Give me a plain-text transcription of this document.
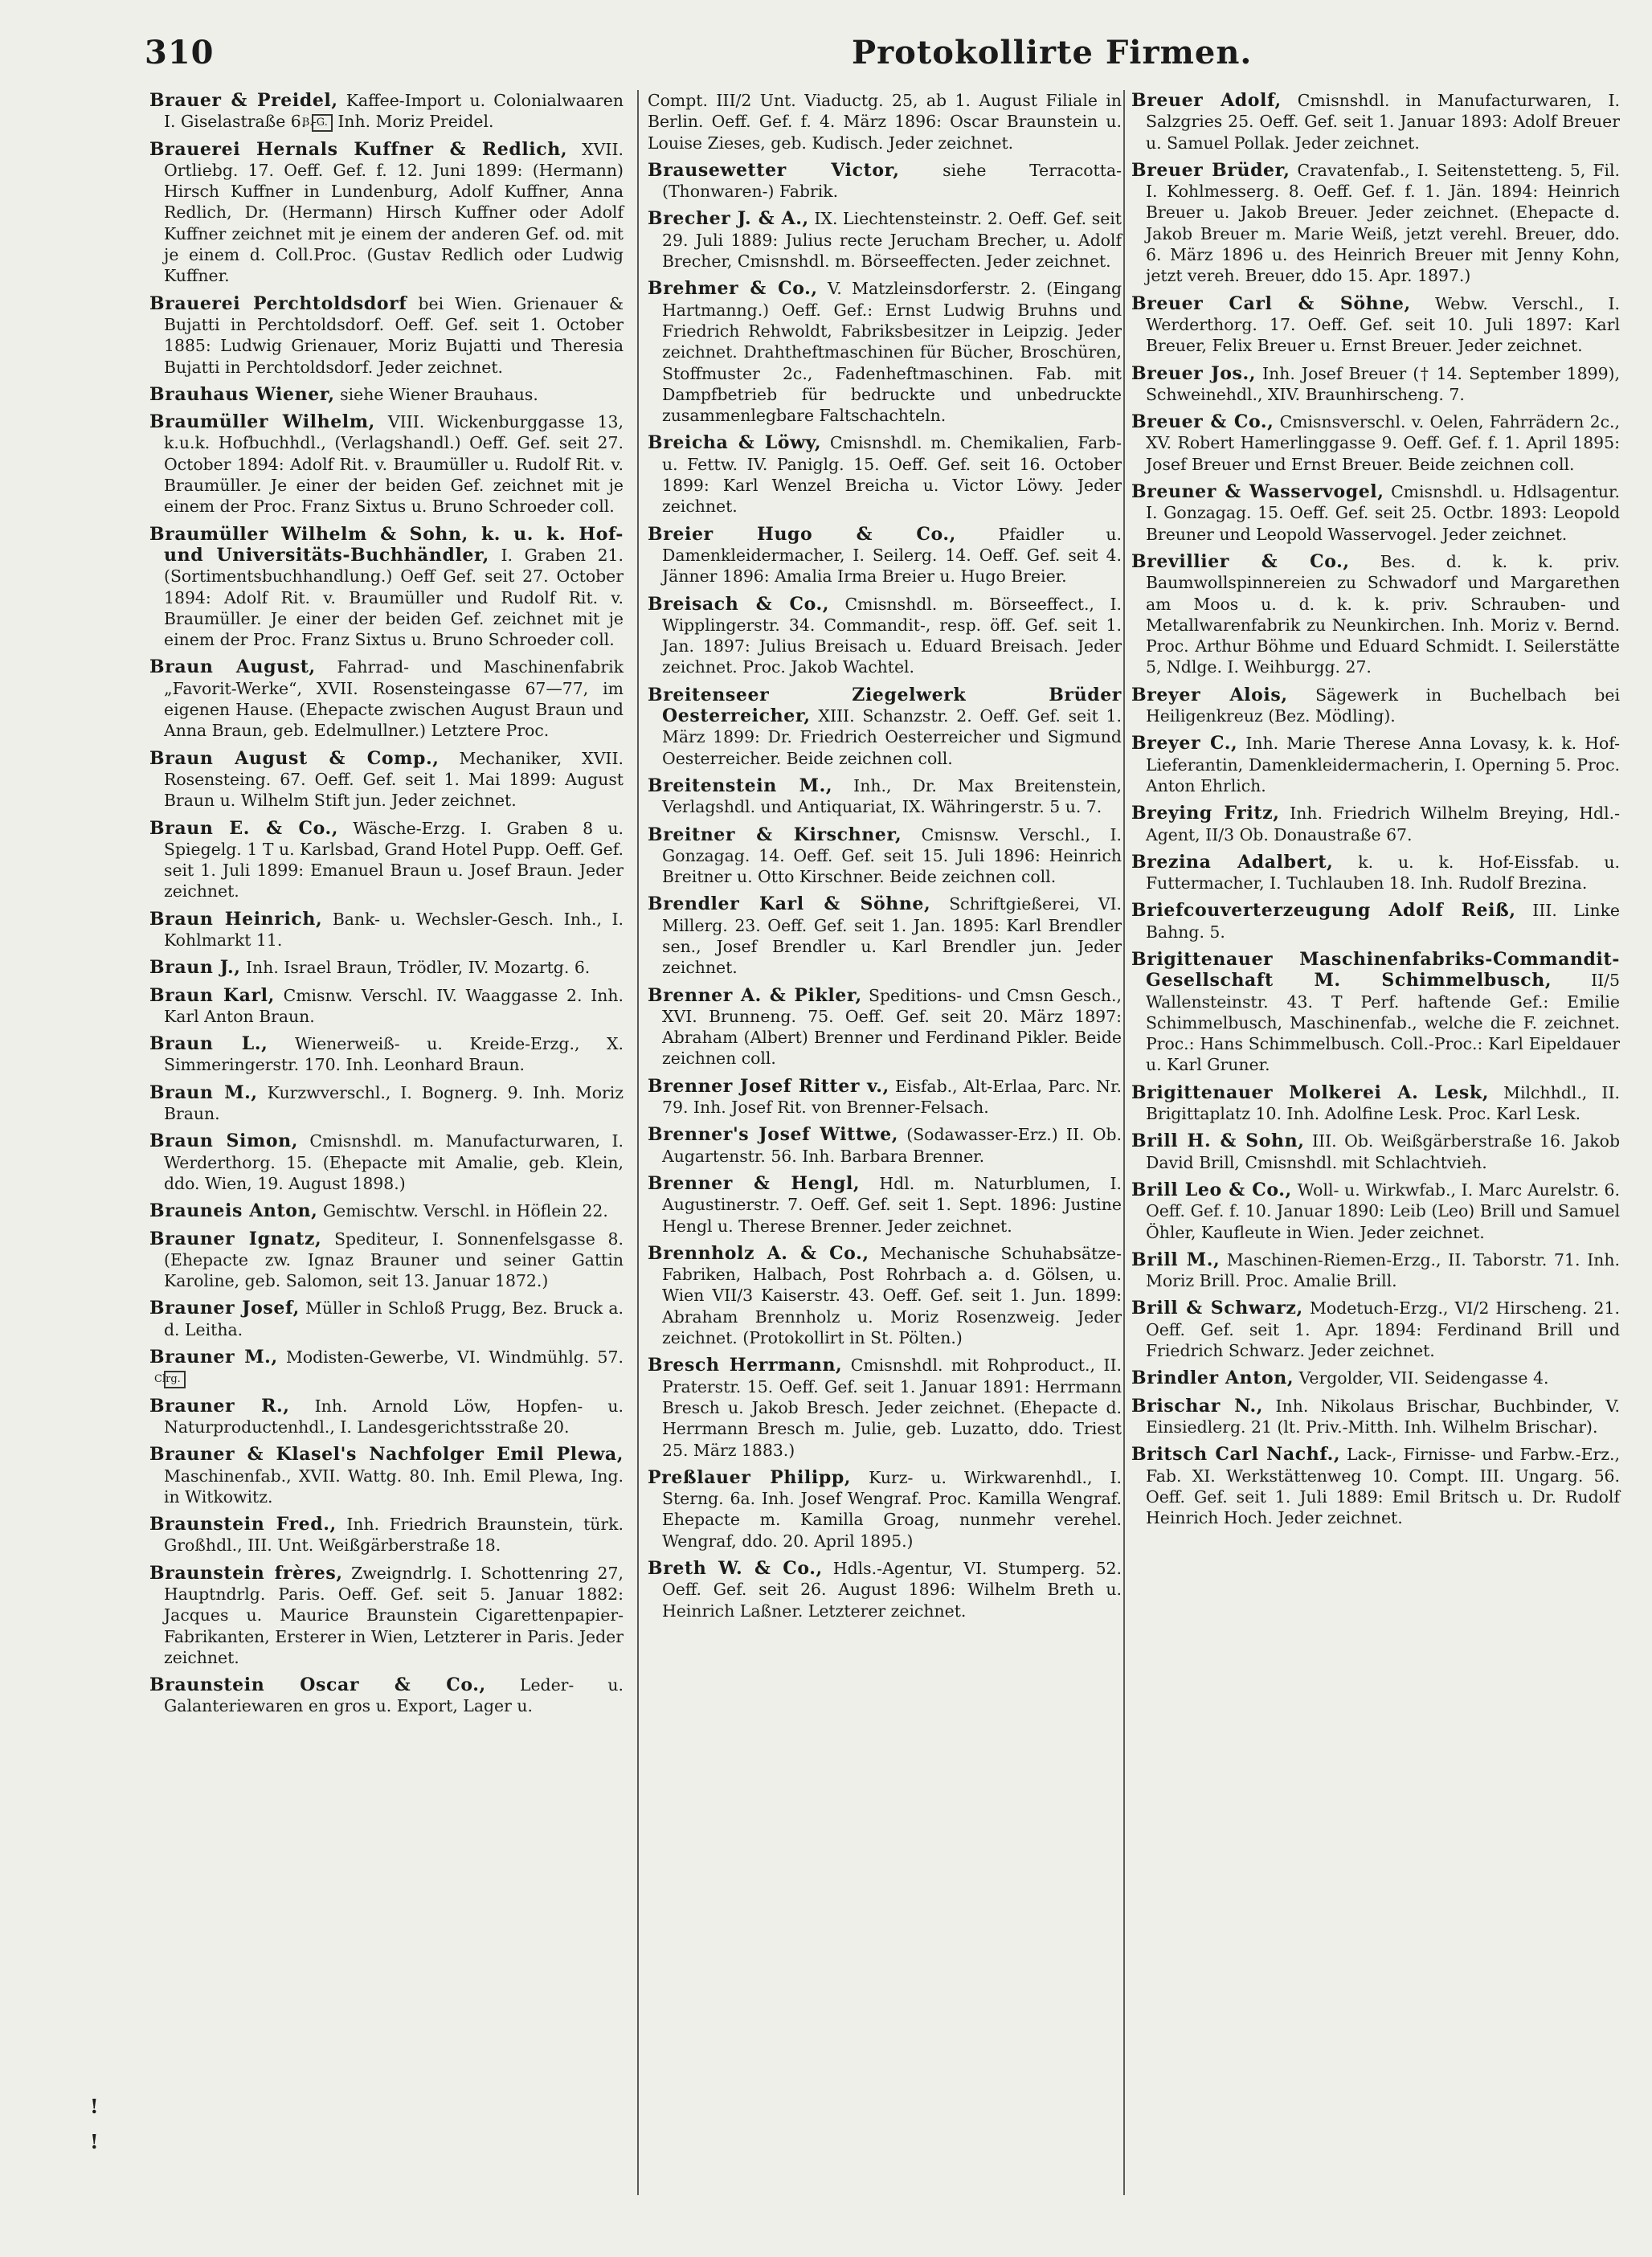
310	Protokollirte Firmen.

Brauer & Preidel, Kaffee-Import u. Colonialwaaren I. Giselastraße 6. B.-G. Inh. Moriz Preidel.

Brauerei Hernals Kuffner & Redlich, XVII. Ortliebg. 17. Oeff. Gef. f. 12. Juni 1899: (Hermann) Hirsch Kuffner in Lundenburg, Adolf Kuffner, Anna Redlich, Dr. (Hermann) Hirsch Kuffner oder Adolf Kuffner zeichnet mit je einem der anderen Gef. od. mit je einem d. Coll.Proc. (Gustav Redlich oder Ludwig Kuffner.

Brauerei Perchtoldsdorf bei Wien. Grienauer & Bujatti in Perchtoldsdorf. Oeff. Gef. seit 1. October 1885: Ludwig Grienauer, Moriz Bujatti und Theresia Bujatti in Perchtoldsdorf. Jeder zeichnet.

Brauhaus Wiener, siehe Wiener Brauhaus.

Braumüller Wilhelm, VIII. Wickenburggasse 13, k.u.k. Hofbuchhdl., (Verlagshandl.) Oeff. Gef. seit 27. October 1894: Adolf Rit. v. Braumüller u. Rudolf Rit. v. Braumüller. Je einer der beiden Gef. zeichnet mit je einem der Proc. Franz Sixtus u. Bruno Schroeder coll.

Braumüller Wilhelm & Sohn, k. u. k. Hof- und Universitäts-Buchhändler, I. Graben 21. (Sortimentsbuchhandlung.) Oeff Gef. seit 27. October 1894: Adolf Rit. v. Braumüller und Rudolf Rit. v. Braumüller. Je einer der beiden Gef. zeichnet mit je einem der Proc. Franz Sixtus u. Bruno Schroeder coll.

Braun August, Fahrrad- und Maschinenfabrik „Favorit-Werke“, XVII. Rosensteingasse 67—77, im eigenen Hause. (Ehepacte zwischen August Braun und Anna Braun, geb. Edelmullner.) Letztere Proc.

Braun August & Comp., Mechaniker, XVII. Rosensteing. 67. Oeff. Gef. seit 1. Mai 1899: August Braun u. Wilhelm Stift jun. Jeder zeichnet.

Braun E. & Co., Wäsche-Erzg. I. Graben 8 u. Spiegelg. 1 T u. Karlsbad, Grand Hotel Pupp. Oeff. Gef. seit 1. Juli 1899: Emanuel Braun u. Josef Braun. Jeder zeichnet.

Braun Heinrich, Bank- u. Wechsler-Gesch. Inh., I. Kohlmarkt 11.

Braun J., Inh. Israel Braun, Trödler, IV. Mozartg. 6.

Braun Karl, Cmisnw. Verschl. IV. Waaggasse 2. Inh. Karl Anton Braun.

Braun L., Wienerweiß- u. Kreide-Erzg., X. Simmeringerstr. 170. Inh. Leonhard Braun.

Braun M., Kurzwverschl., I. Bognerg. 9. Inh. Moriz Braun.

Braun Simon, Cmisnshdl. m. Manufacturwaren, I. Werderthorg. 15. (Ehepacte mit Amalie, geb. Klein, ddo. Wien, 19. August 1898.)

Brauneis Anton, Gemischtw. Verschl. in Höflein 22.

Brauner Ignatz, Spediteur, I. Sonnenfelsgasse 8. (Ehepacte zw. Ignaz Brauner und seiner Gattin Karoline, geb. Salomon, seit 13. Januar 1872.)

Brauner Josef, Müller in Schloß Prugg, Bez. Bruck a. d. Leitha.

Brauner M., Modisten-Gewerbe, VI. Windmühlg. 57. Clrg.

Brauner R., Inh. Arnold Löw, Hopfen- u. Naturproductenhdl., I. Landesgerichtsstraße 20.

Brauner & Klasel's Nachfolger Emil Plewa, Maschinenfab., XVII. Wattg. 80. Inh. Emil Plewa, Ing. in Witkowitz.

Braunstein Fred., Inh. Friedrich Braunstein, türk. Großhdl., III. Unt. Weißgärberstraße 18.

Braunstein frères, Zweigndrlg. I. Schottenring 27, Hauptndrlg. Paris. Oeff. Gef. seit 5. Januar 1882: Jacques u. Maurice Braunstein Cigarettenpapier-Fabrikanten, Ersterer in Wien, Letzterer in Paris. Jeder zeichnet.

Braunstein Oscar & Co., Leder- u. Galanteriewaren en gros u. Export, Lager u.

Compt. III/2 Unt. Viaductg. 25, ab 1. August Filiale in Berlin. Oeff. Gef. f. 4. März 1896: Oscar Braunstein u. Louise Zieses, geb. Kudisch. Jeder zeichnet.

Brausewetter Victor,	siehe Terracotta- (Thonwaren-) Fabrik.

Brecher J. & A., IX. Liechtensteinstr. 2. Oeff. Gef. seit 29. Juli 1889: Julius recte Jerucham Brecher, u. Adolf Brecher, Cmisnshdl. m. Börseeffecten. Jeder zeichnet.

Brehmer & Co., V. Matzleinsdorferstr. 2. (Eingang Hartmanng.) Oeff. Gef.: Ernst Ludwig Bruhns und Friedrich Rehwoldt, Fabriksbesitzer in Leipzig. Jeder zeichnet. Drahtheftmaschinen für Bücher, Broschüren, Stoffmuster 2c., Fadenheftmaschinen. Fab. mit Dampfbetrieb für bedruckte und unbedruckte zusammenlegbare Faltschachteln.

Breicha & Löwy, Cmisnshdl. m. Chemikalien, Farb- u. Fettw. IV. Paniglg. 15. Oeff. Gef. seit 16. October 1899: Karl Wenzel Breicha u. Victor Löwy. Jeder zeichnet.

Breier Hugo & Co.,	Pfaidler u. Damenkleidermacher, I. Seilerg. 14. Oeff. Gef. seit 4. Jänner 1896: Amalia Irma Breier u. Hugo Breier.

Breisach & Co., Cmisnshdl. m. Börseeffect., I. Wipplingerstr. 34. Commandit-, resp. öff. Gef. seit 1. Jan. 1897: Julius Breisach u. Eduard Breisach. Jeder zeichnet. Proc. Jakob Wachtel.

Breitenseer Ziegelwerk Brüder Oesterreicher, XIII. Schanzstr. 2. Oeff. Gef. seit 1. März 1899: Dr. Friedrich Oesterreicher und Sigmund Oesterreicher. Beide zeichnen coll.

Breitenstein M., Inh., Dr. Max Breitenstein, Verlagshdl. und Antiquariat, IX. Währingerstr. 5 u. 7.

Breitner & Kirschner, Cmisnsw. Verschl., I. Gonzagag. 14. Oeff. Gef. seit 15. Juli 1896: Heinrich Breitner u. Otto Kirschner. Beide zeichnen coll.

Brendler Karl & Söhne, Schriftgießerei, VI. Millerg. 23. Oeff. Gef. seit 1. Jan. 1895: Karl Brendler sen., Josef Brendler u. Karl Brendler jun. Jeder zeichnet.

Brenner A. & Pikler, Speditions- und Cmsn Gesch., XVI. Brunneng. 75. Oeff. Gef. seit 20. März 1897: Abraham (Albert) Brenner und Ferdinand Pikler. Beide zeichnen coll.

Brenner Josef Ritter v., Eisfab., Alt-Erlaa, Parc. Nr. 79. Inh. Josef Rit. von Brenner-Felsach.

Brenner's Josef Wittwe, (Sodawasser-Erz.) II. Ob. Augartenstr. 56. Inh. Barbara Brenner.

Brenner & Hengl, Hdl. m. Naturblumen, I. Augustinerstr. 7. Oeff. Gef. seit 1. Sept. 1896: Justine Hengl u. Therese Brenner. Jeder zeichnet.

Brennholz A. & Co., Mechanische Schuhabsätze-Fabriken, Halbach, Post Rohrbach a. d. Gölsen, u. Wien VII/3 Kaiserstr. 43. Oeff. Gef. seit 1. Jun. 1899: Abraham Brennholz u. Moriz Rosenzweig. Jeder zeichnet. (Protokollirt in St. Pölten.)

Bresch Herrmann, Cmisnshdl. mit Rohproduct., II. Praterstr. 15. Oeff. Gef. seit 1. Januar 1891: Herrmann Bresch u. Jakob Bresch. Jeder zeichnet. (Ehepacte d. Herrmann Bresch m. Julie, geb. Luzatto, ddo. Triest 25. März 1883.)

Preßlauer Philipp, Kurz- u. Wirkwarenhdl., I. Sterng. 6a. Inh. Josef Wengraf. Proc. Kamilla Wengraf. Ehepacte m. Kamilla Groag, nunmehr verehel. Wengraf, ddo. 20. April 1895.)

Breth W. & Co., Hdls.-Agentur, VI. Stumperg. 52. Oeff. Gef. seit 26. August 1896: Wilhelm Breth u. Heinrich Laßner. Letzterer zeichnet.

Breuer Adolf, Cmisnshdl. in Manufacturwaren, I. Salzgries 25. Oeff. Gef. seit 1. Januar 1893: Adolf Breuer u. Samuel Pollak. Jeder zeichnet.

Breuer Brüder, Cravatenfab., I. Seitenstetteng. 5, Fil. I. Kohlmesserg. 8. Oeff. Gef. f. 1. Jän. 1894: Heinrich Breuer u. Jakob Breuer. Jeder zeichnet. (Ehepacte d. Jakob Breuer m. Marie Weiß, jetzt verehl. Breuer, ddo. 6. März 1896 u. des Heinrich Breuer mit Jenny Kohn, jetzt vereh. Breuer, ddo 15. Apr. 1897.)

Breuer Carl & Söhne, Webw. Verschl., I. Werderthorg. 17. Oeff. Gef. seit 10. Juli 1897: Karl Breuer, Felix Breuer u. Ernst Breuer. Jeder zeichnet.

Breuer Jos., Inh. Josef Breuer († 14. September 1899), Schweinehdl., XIV. Braunhirscheng. 7.

Breuer & Co., Cmisnsverschl. v. Oelen, Fahrrädern 2c., XV. Robert Hamerlinggasse 9. Oeff. Gef. f. 1. April 1895: Josef Breuer und Ernst Breuer. Beide zeichnen coll.

Breuner & Wasservogel, Cmisnshdl. u. Hdlsagentur. I. Gonzagag. 15. Oeff. Gef. seit 25. Octbr. 1893: Leopold Breuner und Leopold Wasservogel. Jeder zeichnet.

Brevillier & Co., Bes. d. k. k. priv. Baumwollspinnereien zu Schwadorf und Margarethen am Moos u. d. k. k. priv. Schrauben- und Metallwarenfabrik zu Neunkirchen. Inh. Moriz v. Bernd. Proc. Arthur Böhme und Eduard Schmidt. I. Seilerstätte 5, Ndlge. I. Weihburgg. 27.

Breyer Alois, Sägewerk in Buchelbach bei Heiligenkreuz (Bez. Mödling).

Breyer C., Inh. Marie Therese Anna Lovasy, k. k. Hof-Lieferantin, Damenkleidermacherin, I. Operning 5. Proc. Anton Ehrlich.

Breying Fritz, Inh. Friedrich Wilhelm Breying, Hdl.-Agent, II/3 Ob. Donaustraße 67.

Brezina Adalbert, k. u. k. Hof-Eissfab. u. Futtermacher, I. Tuchlauben 18. Inh. Rudolf Brezina.

Briefcouverterzeugung Adolf Reiß, III. Linke Bahng. 5.

Brigittenauer Maschinenfabriks-Commandit-Gesellschaft M. Schimmelbusch, II/5 Wallensteinstr. 43. T Perf. haftende Gef.: Emilie Schimmelbusch, Maschinenfab., welche die F. zeichnet. Proc.: Hans Schimmelbusch. Coll.-Proc.: Karl Eipeldauer u. Karl Gruner.

Brigittenauer Molkerei A. Lesk, Milchhdl., II. Brigittaplatz 10. Inh. Adolfine Lesk. Proc. Karl Lesk.

Brill H. & Sohn, III. Ob. Weißgärberstraße 16. Jakob David Brill, Cmisnshdl. mit Schlachtvieh.

Brill Leo & Co., Woll- u. Wirkwfab., I. Marc Aurelstr. 6. Oeff. Gef. f. 10. Januar 1890: Leib (Leo) Brill und Samuel Öhler, Kaufleute in Wien. Jeder zeichnet.

Brill M., Maschinen-Riemen-Erzg., II. Taborstr. 71. Inh. Moriz Brill. Proc. Amalie Brill.

Brill & Schwarz, Modetuch-Erzg., VI/2 Hirscheng. 21. Oeff. Gef. seit 1. Apr. 1894: Ferdinand Brill und Friedrich Schwarz. Jeder zeichnet.

Brindler Anton, Vergolder, VII. Seidengasse 4.

Brischar N., Inh. Nikolaus Brischar, Buchbinder, V. Einsiedlerg. 21 (lt. Priv.-Mitth. Inh. Wilhelm Brischar).

Britsch Carl Nachf., Lack-, Firnisse- und Farbw.-Erz., Fab. XI. Werkstättenweg 10. Compt. III. Ungarg. 56. Oeff. Gef. seit 1. Juli 1889: Emil Britsch u. Dr. Rudolf Heinrich Hoch. Jeder zeichnet.

!
!
